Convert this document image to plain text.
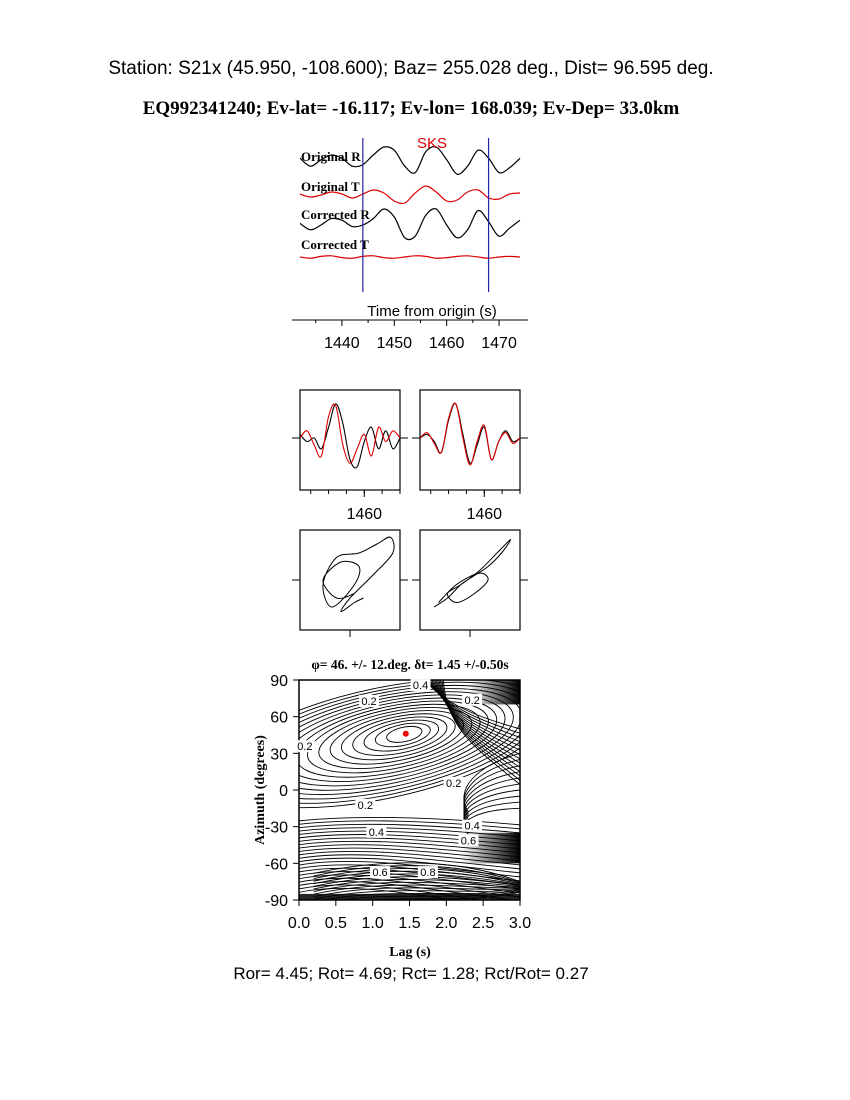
Station: S21x (45.950, -108.600); Baz= 255.028 deg., Dist= 96.595 deg.
EQ992341240; Ev-lat= -16.117; Ev-lon= 168.039; Ev-Dep= 33.0km
SKS
Original R
Original T
Corrected R
Corrected T
Time from origin (s)
1440 1450 1460 1470
1460	1460
φ= 46. +/- 12.deg. δt= 1.45 +/-0.50s
0.4
0.2	0.2
0.2
0.2
0.2
0.4
0.4
0.6
0.6	0.8
0.0 0.5 1.0 1.5 2.0 2.5 3.0
90
60
30
0
-30
-60
-90
Lag (s)
Azimuth (degrees)
Ror= 4.45; Rot= 4.69; Rct= 1.28; Rct/Rot= 0.27
